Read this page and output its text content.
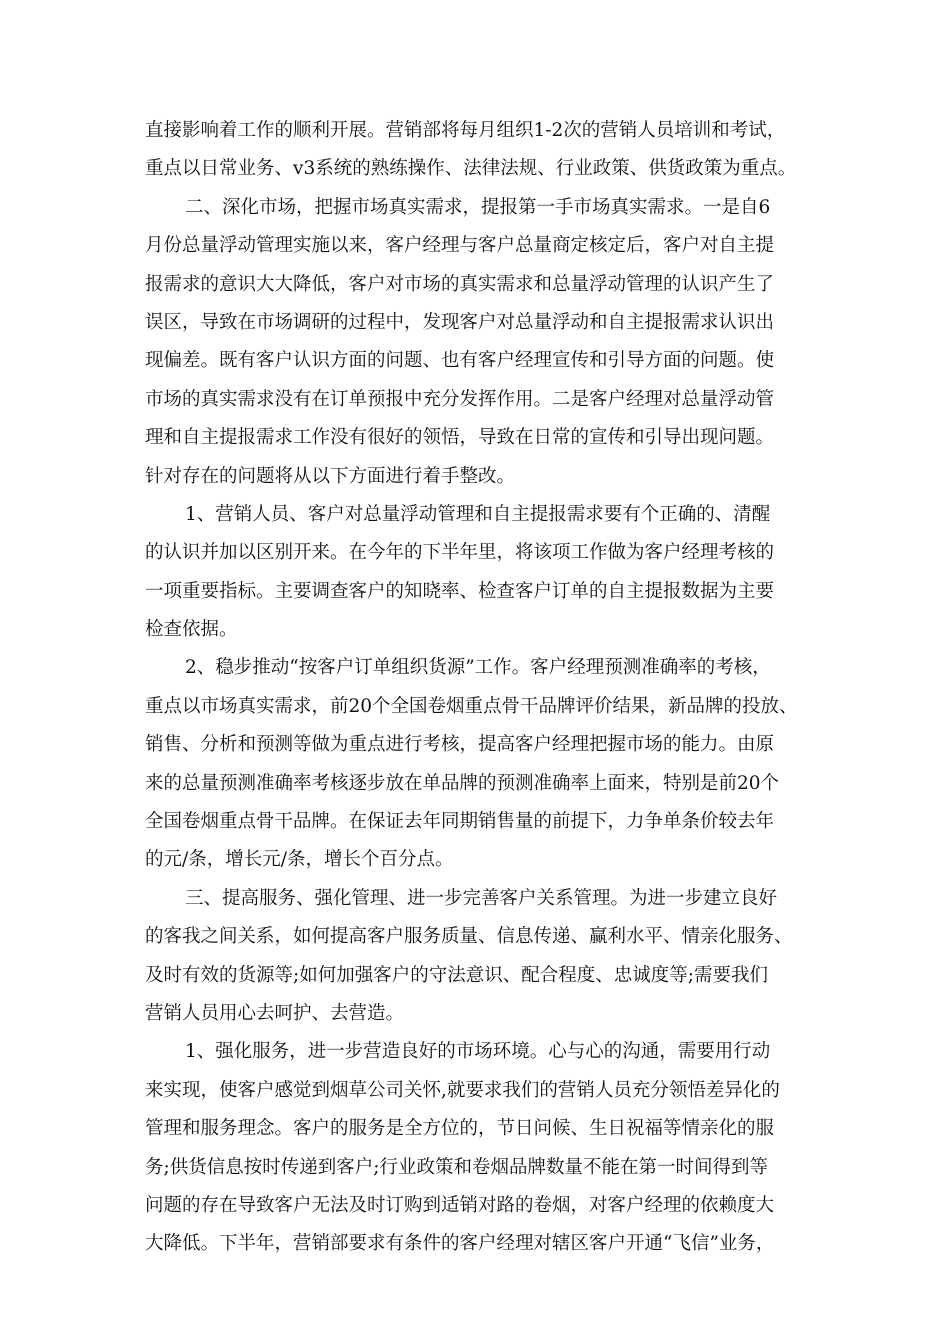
直接影响着工作的顺利开展。营销部将每月组织1-2次的营销人员培训和考试，
重点以日常业务、v3系统的熟练操作、法律法规、行业政策、供货政策为重点。
二、深化市场，把握市场真实需求，提报第一手市场真实需求。一是自6
月份总量浮动管理实施以来，客户经理与客户总量商定核定后，客户对自主提
报需求的意识大大降低，客户对市场的真实需求和总量浮动管理的认识产生了
误区，导致在市场调研的过程中，发现客户对总量浮动和自主提报需求认识出
现偏差。既有客户认识方面的问题、也有客户经理宣传和引导方面的问题。使
市场的真实需求没有在订单预报中充分发挥作用。二是客户经理对总量浮动管
理和自主提报需求工作没有很好的领悟，导致在日常的宣传和引导出现问题。
针对存在的问题将从以下方面进行着手整改。
1、营销人员、客户对总量浮动管理和自主提报需求要有个正确的、清醒
的认识并加以区别开来。在今年的下半年里，将该项工作做为客户经理考核的
一项重要指标。主要调查客户的知晓率、检查客户订单的自主提报数据为主要
检查依据。
2、稳步推动“按客户订单组织货源”工作。客户经理预测准确率的考核，
重点以市场真实需求，前20个全国卷烟重点骨干品牌评价结果，新品牌的投放、
销售、分析和预测等做为重点进行考核，提高客户经理把握市场的能力。由原
来的总量预测准确率考核逐步放在单品牌的预测准确率上面来，特别是前20个
全国卷烟重点骨干品牌。在保证去年同期销售量的前提下，力争单条价较去年
的元/条，增长元/条，增长个百分点。
三、提高服务、强化管理、进一步完善客户关系管理。为进一步建立良好
的客我之间关系，如何提高客户服务质量、信息传递、赢利水平、情亲化服务、
及时有效的货源等;如何加强客户的守法意识、配合程度、忠诚度等;需要我们
营销人员用心去呵护、去营造。
1、强化服务，进一步营造良好的市场环境。心与心的沟通，需要用行动
来实现，使客户感觉到烟草公司关怀,就要求我们的营销人员充分领悟差异化的
管理和服务理念。客户的服务是全方位的，节日问候、生日祝福等情亲化的服
务;供货信息按时传递到客户;行业政策和卷烟品牌数量不能在第一时间得到等
问题的存在导致客户无法及时订购到适销对路的卷烟，对客户经理的依赖度大
大降低。下半年，营销部要求有条件的客户经理对辖区客户开通“飞信”业务，
